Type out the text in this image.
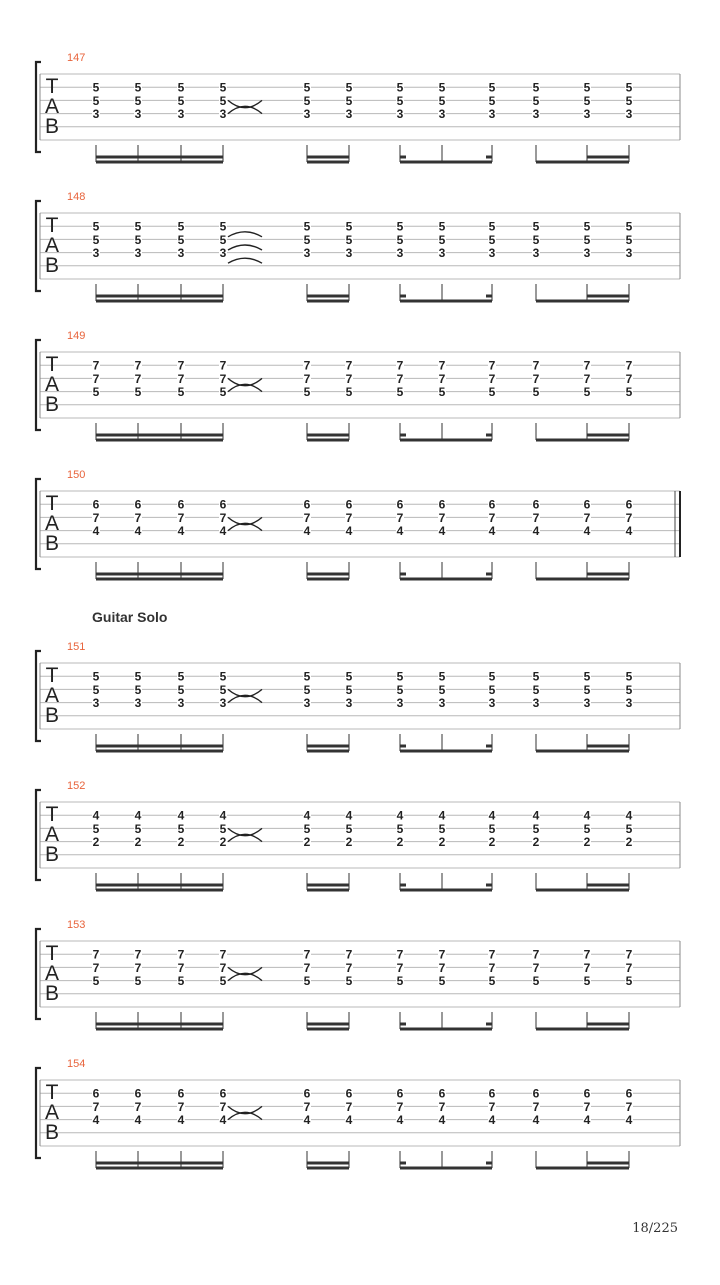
T
A
B
5
5
3
5
5
3
5
5
3
5
5
3
5
5
3
5
5
3
5
5
3
5
5
3
5
5
3
5
5
3
5
5
3
5
5
3
T
A
B
5
5
3
5
5
3
5
5
3
5
5
3
5
5
3
5
5
3
5
5
3
5
5
3
5
5
3
5
5
3
5
5
3
5
5
3
T
A
B
7
7
5
7
7
5
7
7
5
7
7
5
7
7
5
7
7
5
7
7
5
7
7
5
7
7
5
7
7
5
7
7
5
7
7
5
T
A
B
6
7
4
6
7
4
6
7
4
6
7
4
6
7
4
6
7
4
6
7
4
6
7
4
6
7
4
6
7
4
6
7
4
6
7
4
T
A
B
5
5
3
5
5
3
5
5
3
5
5
3
5
5
3
5
5
3
5
5
3
5
5
3
5
5
3
5
5
3
5
5
3
5
5
3
T
A
B
4
5
2
4
5
2
4
5
2
4
5
2
4
5
2
4
5
2
4
5
2
4
5
2
4
5
2
4
5
2
4
5
2
4
5
2
T
A
B
7
7
5
7
7
5
7
7
5
7
7
5
7
7
5
7
7
5
7
7
5
7
7
5
7
7
5
7
7
5
7
7
5
7
7
5
T
A
B
6
7
4
6
7
4
6
7
4
6
7
4
6
7
4
6
7
4
6
7
4
6
7
4
6
7
4
6
7
4
6
7
4
6
7
4
Guitar Solo
18/225
147
148
149
150
151
152
153
154
